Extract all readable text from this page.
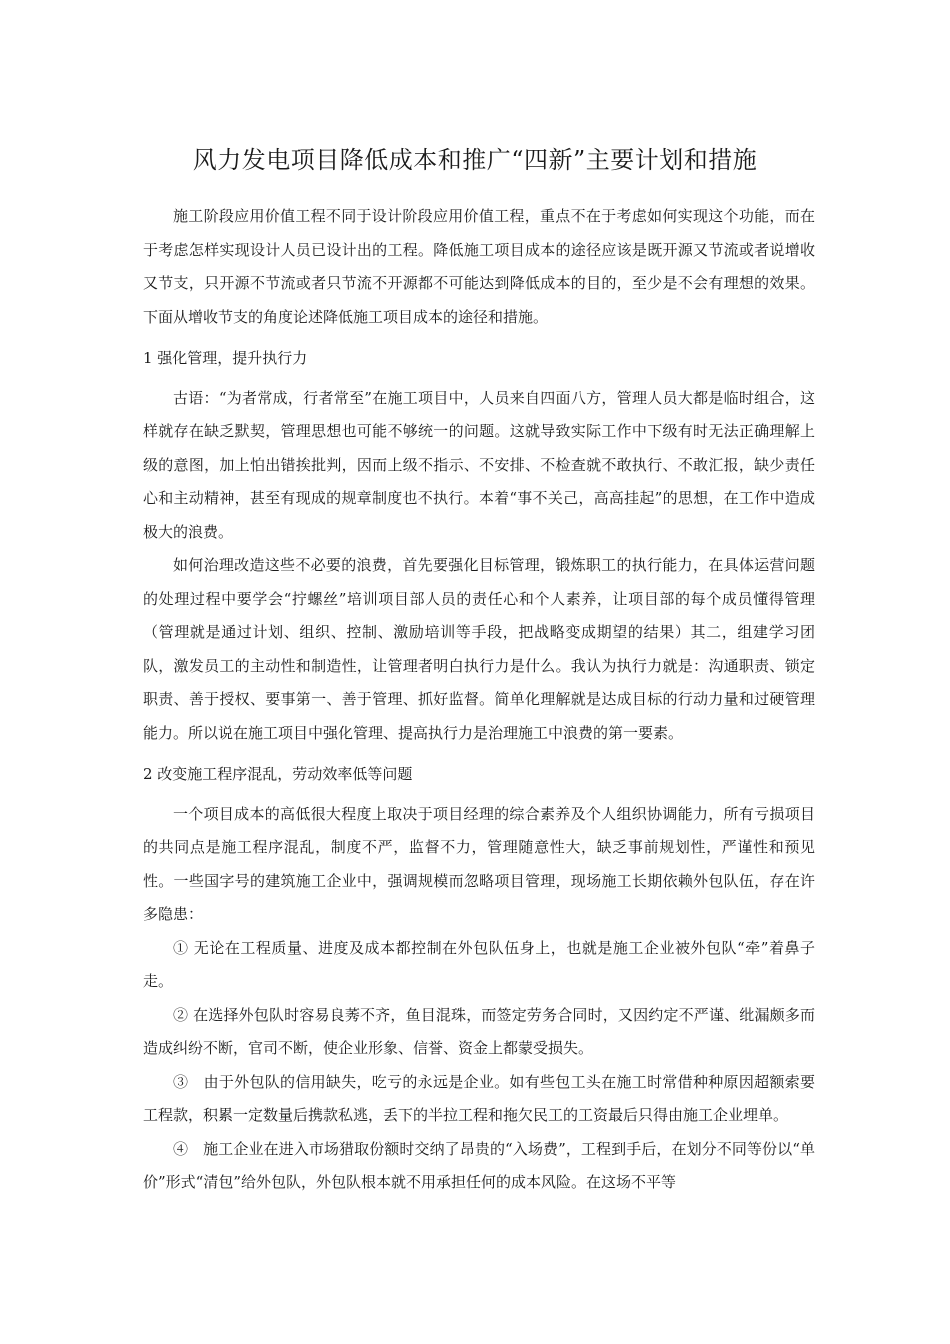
风力发电项目降低成本和推广“四新”主要计划和措施

施工阶段应用价值工程不同于设计阶段应用价值工程，重点不在于考虑如何实现这个功能，而在于考虑怎样实现设计人员已设计出的工程。降低施工项目成本的途径应该是既开源又节流或者说增收又节支，只开源不节流或者只节流不开源都不可能达到降低成本的目的，至少是不会有理想的效果。下面从增收节支的角度论述降低施工项目成本的途径和措施。

1 强化管理，提升执行力

古语：“为者常成，行者常至”在施工项目中，人员来自四面八方，管理人员大都是临时组合，这样就存在缺乏默契，管理思想也可能不够统一的问题。这就导致实际工作中下级有时无法正确理解上级的意图，加上怕出错挨批判，因而上级不指示、不安排、不检查就不敢执行、不敢汇报，缺少责任心和主动精神，甚至有现成的规章制度也不执行。本着“事不关己，高高挂起”的思想，在工作中造成极大的浪费。

如何治理改造这些不必要的浪费，首先要强化目标管理，锻炼职工的执行能力，在具体运营问题的处理过程中要学会“拧螺丝”培训项目部人员的责任心和个人素养，让项目部的每个成员懂得管理（管理就是通过计划、组织、控制、激励培训等手段，把战略变成期望的结果）其二，组建学习团队，激发员工的主动性和制造性，让管理者明白执行力是什么。我认为执行力就是：沟通职责、锁定职责、善于授权、要事第一、善于管理、抓好监督。简单化理解就是达成目标的行动力量和过硬管理能力。所以说在施工项目中强化管理、提高执行力是治理施工中浪费的第一要素。

2 改变施工程序混乱，劳动效率低等问题

一个项目成本的高低很大程度上取决于项目经理的综合素养及个人组织协调能力，所有亏损项目的共同点是施工程序混乱，制度不严，监督不力，管理随意性大，缺乏事前规划性，严谨性和预见性。一些国字号的建筑施工企业中，强调规模而忽略项目管理，现场施工长期依赖外包队伍，存在许多隐患：

① 无论在工程质量、进度及成本都控制在外包队伍身上，也就是施工企业被外包队“牵”着鼻子走。

② 在选择外包队时容易良莠不齐，鱼目混珠，而签定劳务合同时，又因约定不严谨、纰漏颇多而造成纠纷不断，官司不断，使企业形象、信誉、资金上都蒙受损失。

③　由于外包队的信用缺失，吃亏的永远是企业。如有些包工头在施工时常借种种原因超额索要工程款，积累一定数量后携款私逃，丢下的半拉工程和拖欠民工的工资最后只得由施工企业埋单。

④　施工企业在进入市场猎取份额时交纳了昂贵的“入场费”，工程到手后，在划分不同等份以“单价”形式“清包”给外包队，外包队根本就不用承担任何的成本风险。在这场不平等
